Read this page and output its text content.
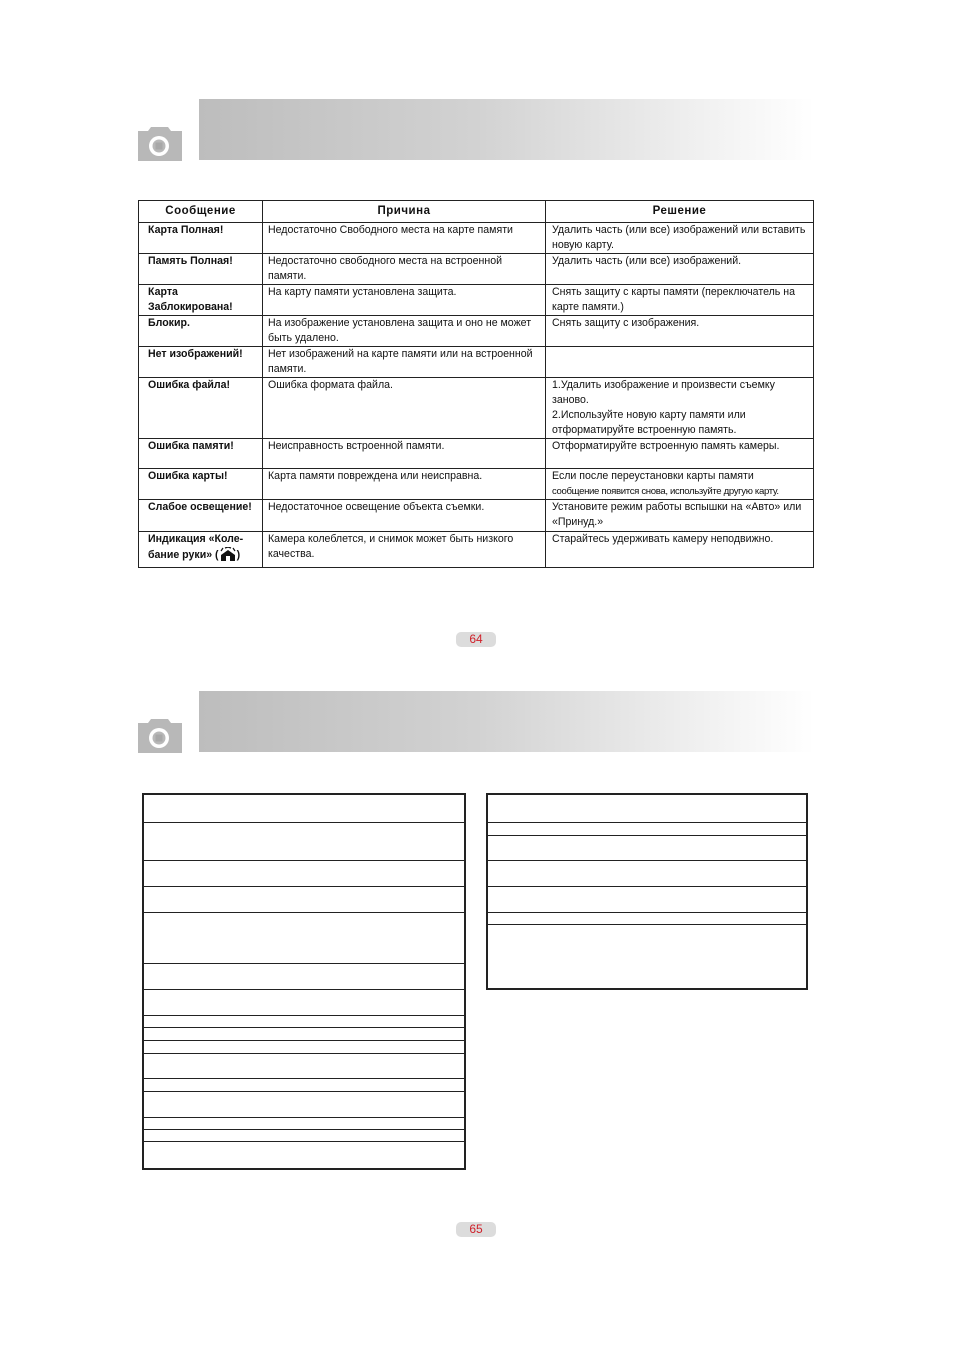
Сообщение	Причина	Решение
Карта Полная!	Недостаточно Свободного места на карте памяти	Удалить часть (или все) изображений или вставить новую карту.
Память Полная!	Недостаточно свободного места на встроенной памяти.	Удалить часть (или все) изображений.
Карта Заблокирована!	На карту памяти установлена защита.	Снять защиту с карты памяти (переключатель на карте памяти.)
Блокир.	На изображение установлена защита и оно не может быть удалено.	Снять защиту с изображения.
Нет изображений!	Нет изображений на карте памяти или на встроенной памяти.	
Ошибка файла!	Ошибка формата файла.	1.Удалить изображение и произвести съемку заново.
2.Используйте новую карту памяти или отформатируйте встроенную память.

Ошибка памяти!	Неисправность встроенной памяти.	Отформатируйте встроенную память камеры.
Ошибка карты!	Карта памяти повреждена или неисправна.	Если после переустановки карты памяти
сообщение появится снова, используйте другую карту.

Слабое освещение!	Недостаточное освещение объекта съемки.	Установите режим работы вспышки на «Авто» или «Принуд.»

Индикация «Коле-
бание руки» ( )	Камера колеблется, и снимок может быть низкого качества.	Старайтесь удерживать камеру неподвижно.
64
65
